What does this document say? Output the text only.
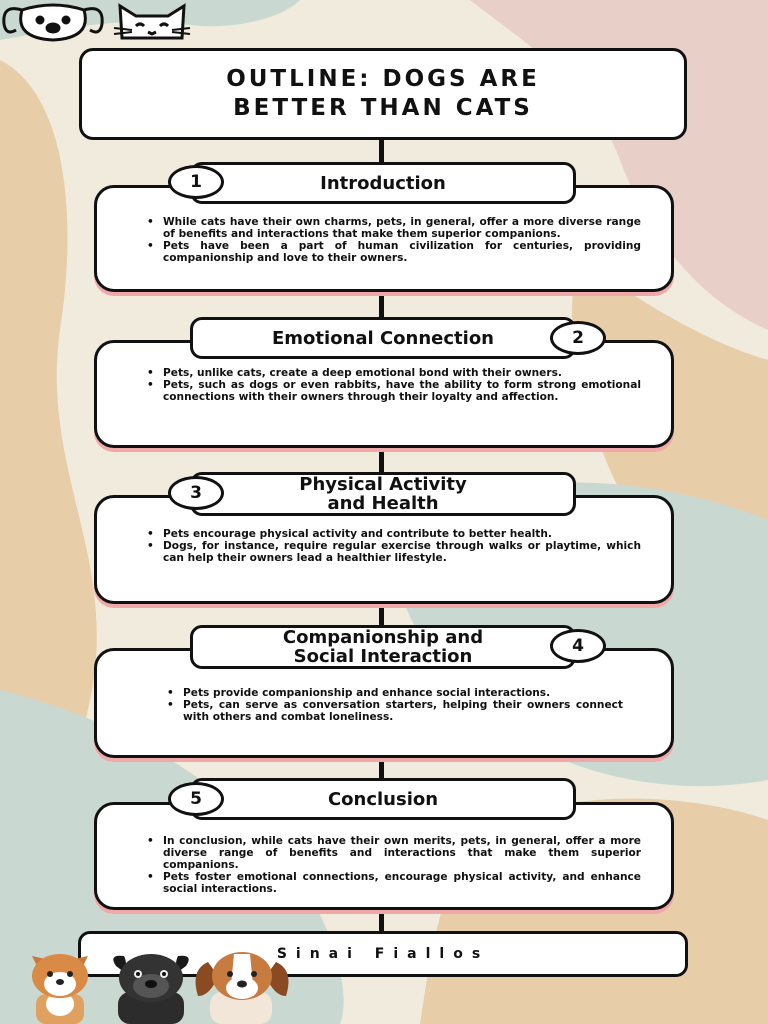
OUTLINE: DOGS ARE
BETTER THAN CATS
• While cats have their own charms, pets, in general, offer a more diverse range of benefits and interactions that make them superior companions.
• Pets have been a part of human civilization for centuries, providing companionship and love to their owners.
Introduction
1
• Pets, unlike cats, create a deep emotional bond with their owners.
• Pets, such as dogs or even rabbits, have the ability to form strong emotional connections with their owners through their loyalty and affection.
Emotional Connection	2
• Pets encourage physical activity and contribute to better health.
• Dogs, for instance, require regular exercise through walks or playtime, which can help their owners lead a healthier lifestyle.
Physical Activity
and Health
3
• Pets provide companionship and enhance social interactions.
• Pets, can serve as conversation starters, helping their owners connect with others and combat loneliness.
Companionship and
Social Interaction	4
• In conclusion, while cats have their own merits, pets, in general, offer a more diverse range of benefits and interactions that make them superior companions.
• Pets foster emotional connections, encourage physical activity, and enhance social interactions.
Conclusion
5
Sinai Fiallos
